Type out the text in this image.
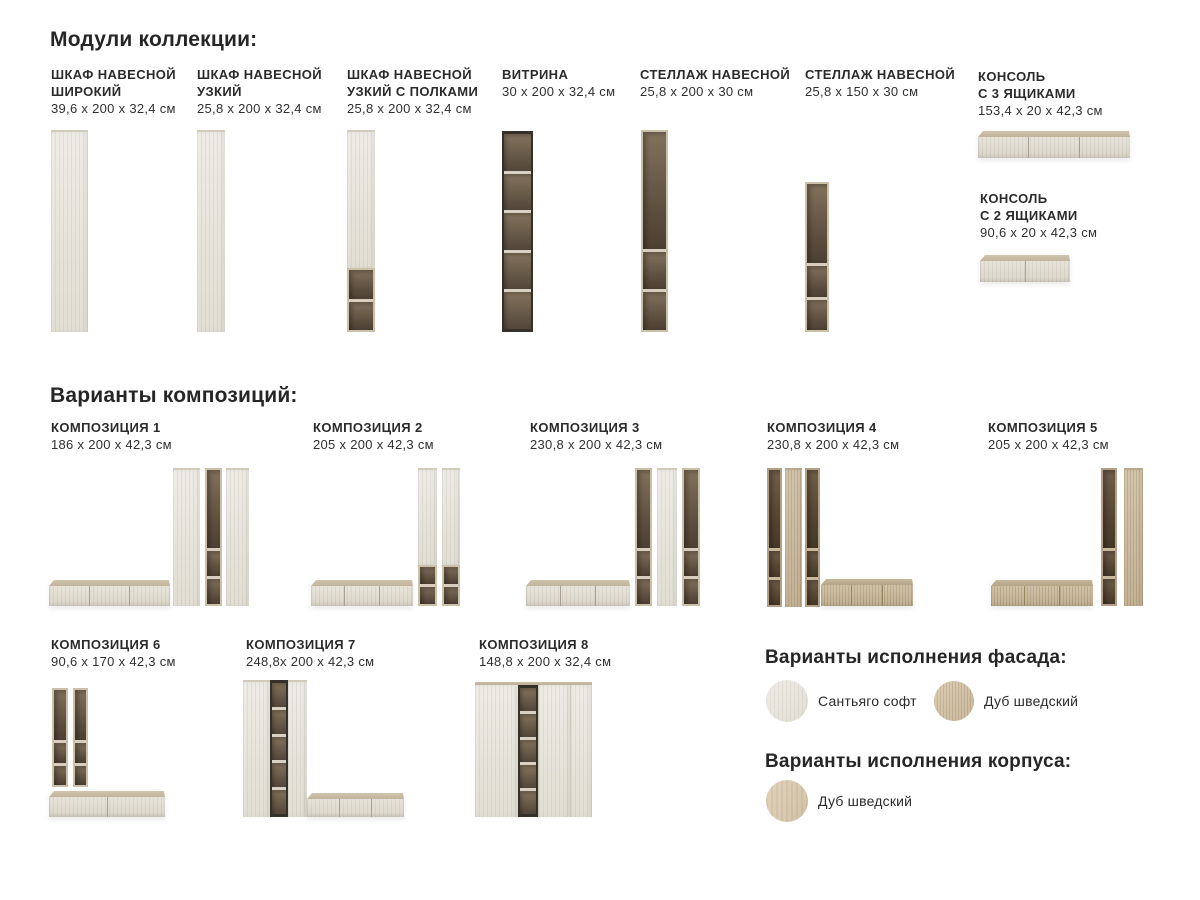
Модули коллекции:
ШКАФ НАВЕСНОЙ
ШИРОКИЙ
39,6 x 200 x 32,4 см
ШКАФ НАВЕСНОЙ
УЗКИЙ
25,8 x 200 x 32,4 см
ШКАФ НАВЕСНОЙ
УЗКИЙ С ПОЛКАМИ
25,8 x 200 x 32,4 см
ВИТРИНА
30 x 200 x 32,4 см
СТЕЛЛАЖ НАВЕСНОЙ
25,8 x 200 x 30 см
СТЕЛЛАЖ НАВЕСНОЙ
25,8 x 150 x 30 см
КОНСОЛЬ
С 3 ЯЩИКАМИ
153,4 x 20 x 42,3 см
КОНСОЛЬ
С 2 ЯЩИКАМИ
90,6 x 20 x 42,3 см
Варианты композиций:
КОМПОЗИЦИЯ 1
186 x 200 x 42,3 см
КОМПОЗИЦИЯ 2
205 x 200 x 42,3 см
КОМПОЗИЦИЯ 3
230,8 x 200 x 42,3 см
КОМПОЗИЦИЯ 4
230,8 x 200 x 42,3 см
КОМПОЗИЦИЯ 5
205 x 200 x 42,3 см
КОМПОЗИЦИЯ 6
90,6 x 170 x 42,3 см
КОМПОЗИЦИЯ 7
248,8x 200 x 42,3 см
КОМПОЗИЦИЯ 8
148,8 x 200 x 32,4 см	Варианты исполнения фасада:
Сантьяго софт	Дуб шведский
Варианты исполнения корпуса:
Дуб шведский
